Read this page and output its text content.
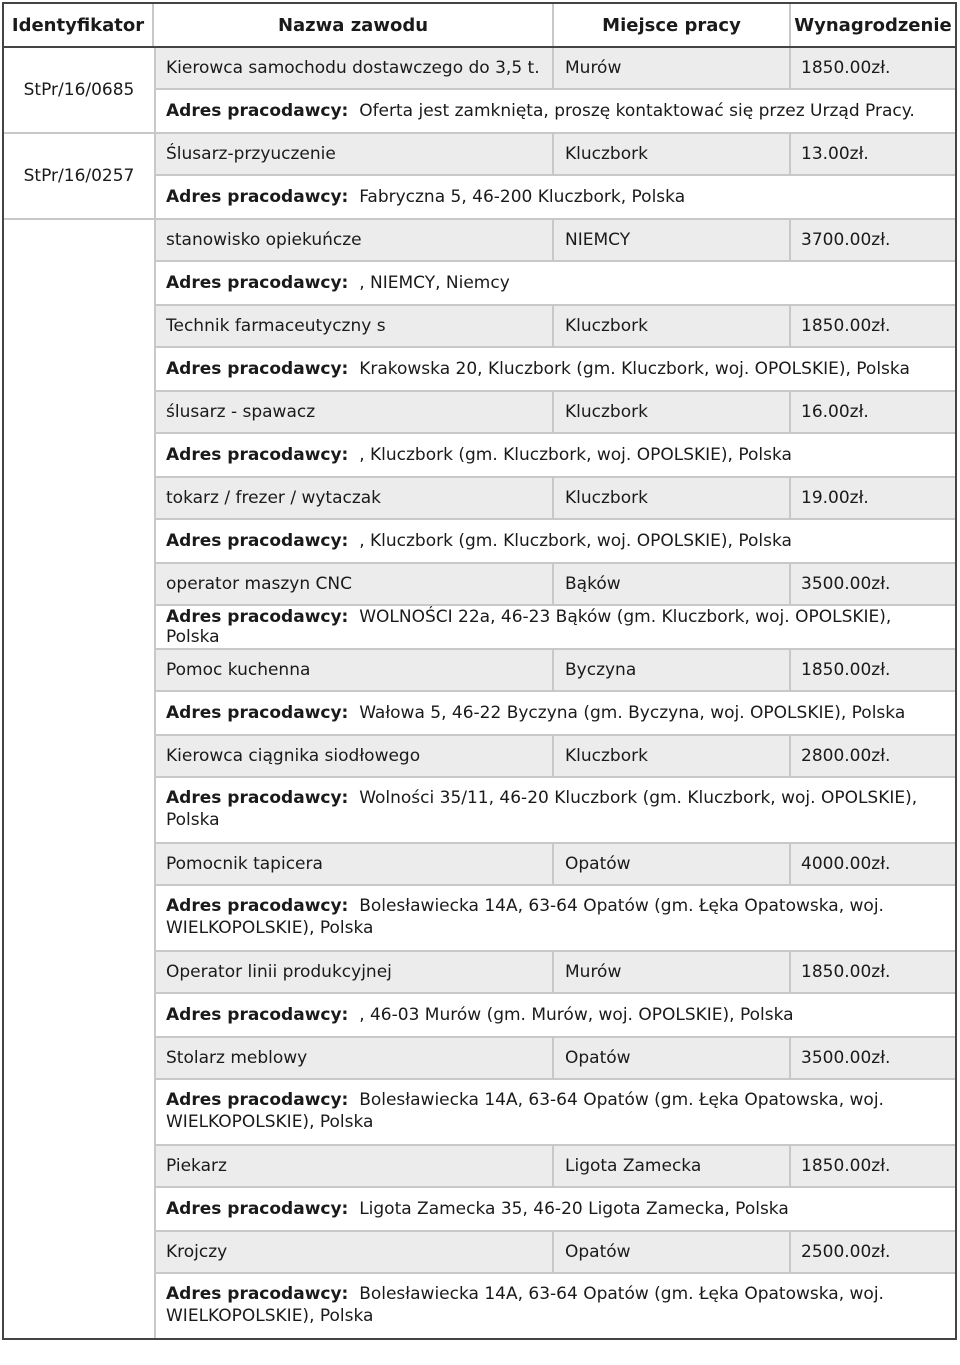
Identyfikator	Nazwa zawodu	Miejsce pracy	Wynagrodzenie
StPr/16/0685
Kierowca samochodu dostawczego do 3,5 t.	Murów	1850.00zł.
Adres pracodawcy: Oferta jest zamknięta, proszę kontaktować się przez Urząd Pracy.
StPr/16/0257
Ślusarz-przyuczenie	Kluczbork	13.00zł.
Adres pracodawcy: Fabryczna 5, 46-200 Kluczbork, Polska
stanowisko opiekuńcze	NIEMCY	3700.00zł.
Adres pracodawcy: , NIEMCY, Niemcy
Technik farmaceutyczny s	Kluczbork	1850.00zł.
Adres pracodawcy: Krakowska 20, Kluczbork (gm. Kluczbork, woj. OPOLSKIE), Polska
ślusarz - spawacz	Kluczbork	16.00zł.
Adres pracodawcy: , Kluczbork (gm. Kluczbork, woj. OPOLSKIE), Polska
tokarz / frezer / wytaczak	Kluczbork	19.00zł.
Adres pracodawcy: , Kluczbork (gm. Kluczbork, woj. OPOLSKIE), Polska
operator maszyn CNC	Bąków	3500.00zł.
Adres pracodawcy: WOLNOŚCI 22a, 46-23 Bąków (gm. Kluczbork, woj. OPOLSKIE), Polska
Pomoc kuchenna	Byczyna	1850.00zł.
Adres pracodawcy: Wałowa 5, 46-22 Byczyna (gm. Byczyna, woj. OPOLSKIE), Polska
Kierowca ciągnika siodłowego	Kluczbork	2800.00zł.
Adres pracodawcy: Wolności 35/11, 46-20 Kluczbork (gm. Kluczbork, woj. OPOLSKIE), Polska
Pomocnik tapicera	Opatów	4000.00zł.
Adres pracodawcy: Bolesławiecka 14A, 63-64 Opatów (gm. Łęka Opatowska, woj. WIELKOPOLSKIE), Polska
Operator linii produkcyjnej	Murów	1850.00zł.
Adres pracodawcy: , 46-03 Murów (gm. Murów, woj. OPOLSKIE), Polska
Stolarz meblowy	Opatów	3500.00zł.
Adres pracodawcy: Bolesławiecka 14A, 63-64 Opatów (gm. Łęka Opatowska, woj. WIELKOPOLSKIE), Polska
Piekarz	Ligota Zamecka	1850.00zł.
Adres pracodawcy: Ligota Zamecka 35, 46-20 Ligota Zamecka, Polska
Krojczy	Opatów	2500.00zł.
Adres pracodawcy: Bolesławiecka 14A, 63-64 Opatów (gm. Łęka Opatowska, woj. WIELKOPOLSKIE), Polska
